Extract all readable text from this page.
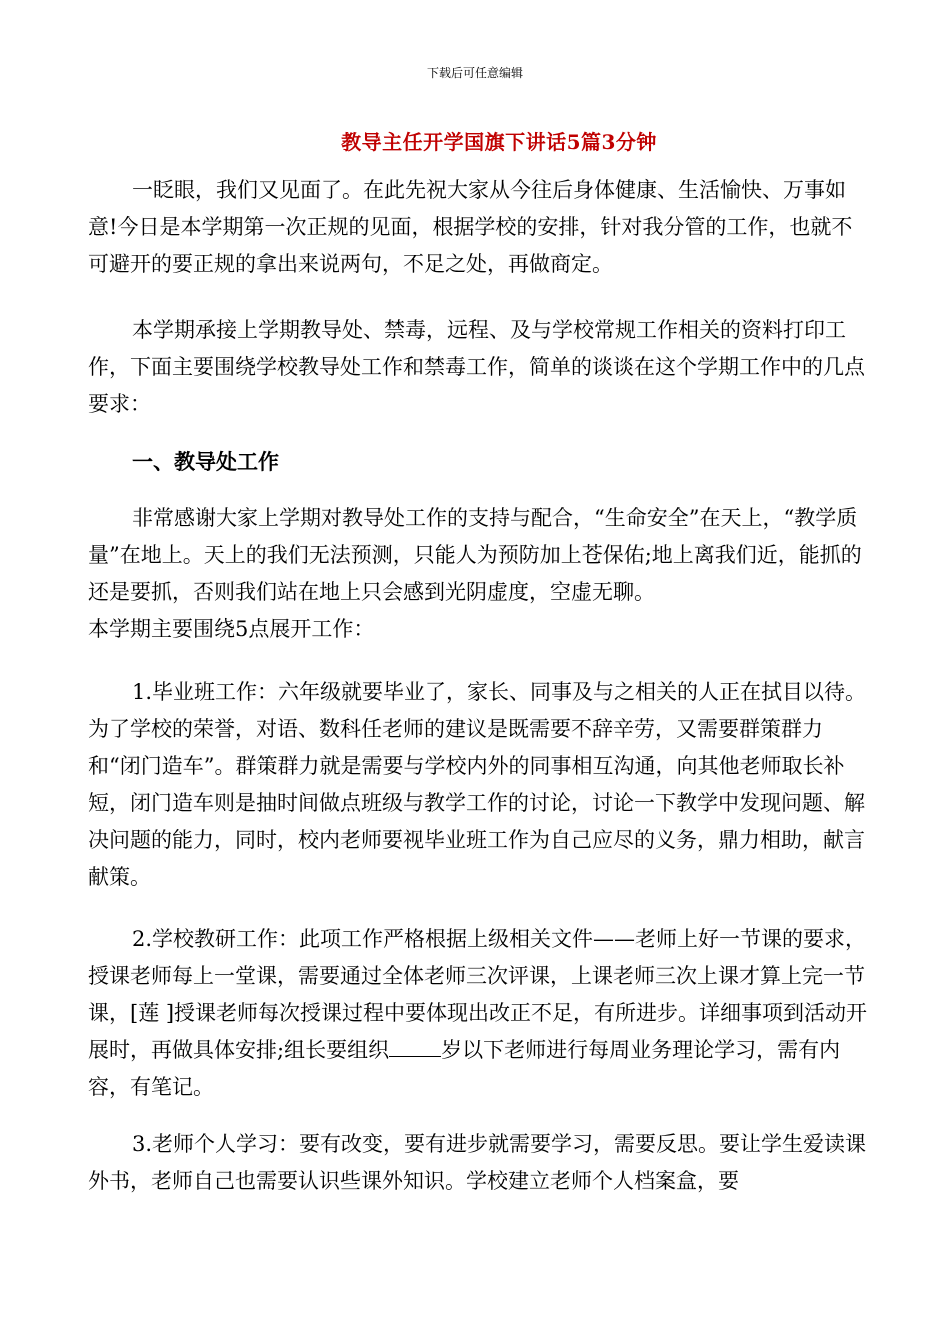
下载后可任意编辑
教导主任开学国旗下讲话5篇3分钟

一眨眼，我们又见面了。在此先祝大家从今往后身体健康、生活愉快、万事如意!今日是本学期第一次正规的见面，根据学校的安排，针对我分管的工作，也就不可避开的要正规的拿出来说两句，不足之处，再做商定。

本学期承接上学期教导处、禁毒，远程、及与学校常规工作相关的资料打印工作，下面主要围绕学校教导处工作和禁毒工作，简单的谈谈在这个学期工作中的几点要求：

一、教导处工作

非常感谢大家上学期对教导处工作的支持与配合，“生命安全”在天上，“教学质量”在地上。天上的我们无法预测，只能人为预防加上苍保佑;地上离我们近，能抓的还是要抓，否则我们站在地上只会感到光阴虚度，空虚无聊。

本学期主要围绕5点展开工作：

1.毕业班工作：六年级就要毕业了，家长、同事及与之相关的人正在拭目以待。为了学校的荣誉，对语、数科任老师的建议是既需要不辞辛劳，又需要群策群力和“闭门造车”。群策群力就是需要与学校内外的同事相互沟通，向其他老师取长补短，闭门造车则是抽时间做点班级与教学工作的讨论，讨论一下教学中发现问题、解决问题的能力，同时，校内老师要视毕业班工作为自己应尽的义务，鼎力相助，献言献策。

2.学校教研工作：此项工作严格根据上级相关文件——老师上好一节课的要求，授课老师每上一堂课，需要通过全体老师三次评课，上课老师三次上课才算上完一节课，[莲 ]授课老师每次授课过程中要体现出改正不足，有所进步。详细事项到活动开展时，再做具体安排;组长要组织 岁以下老师进行每周业务理论学习，需有内容，有笔记。

3.老师个人学习：要有改变，要有进步就需要学习，需要反思。要让学生爱读课外书，老师自己也需要认识些课外知识。学校建立老师个人档案盒，要
